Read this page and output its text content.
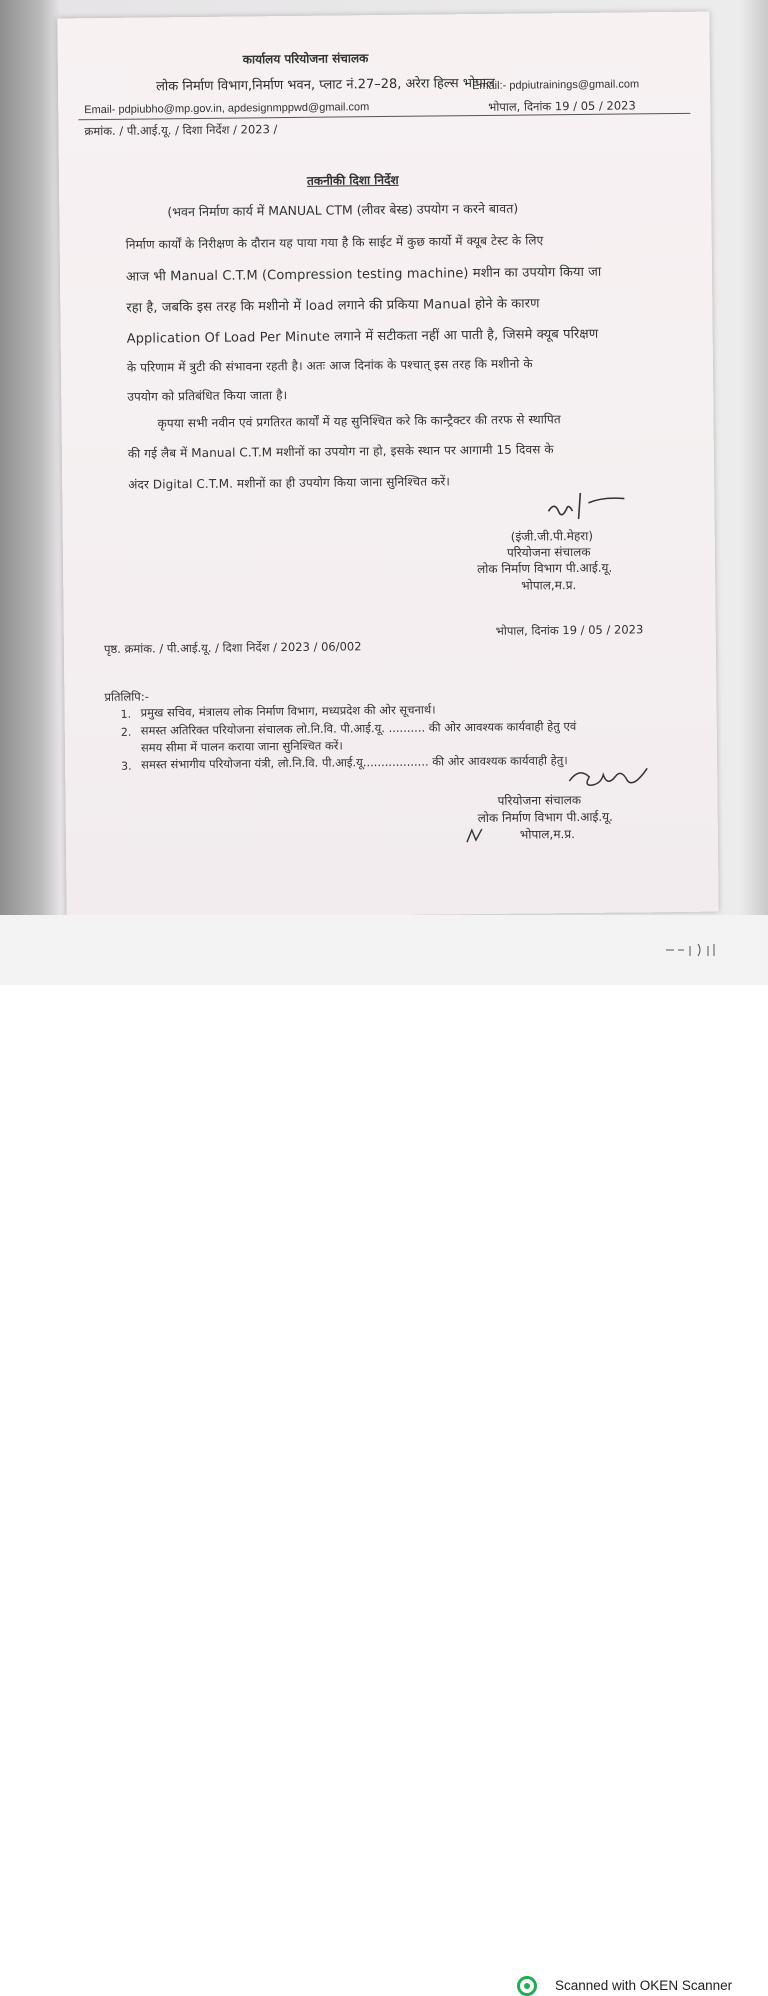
कार्यालय परियोजना संचालक
लोक निर्माण विभाग,निर्माण भवन, प्लाट नं.27–28, अरेरा हिल्स भोपाल
Email- pdpiubho@mp.gov.in, apdesignmppwd@gmail.com
Email:- pdpiutrainings@gmail.com
क्रमांक. / पी.आई.यू. / दिशा निर्देश / 2023 /
भोपाल, दिनांक 19 / 05 / 2023
तकनीकी दिशा निर्देश
(भवन निर्माण कार्य में MANUAL CTM (लीवर बेस्ड) उपयोग न करने बावत)
निर्माण कार्यों के निरीक्षण के दौरान यह पाया गया है कि साईट में कुछ कार्यो में क्यूब टेस्ट के लिए
आज भी Manual C.T.M (Compression testing machine) मशीन का उपयोग किया जा
रहा है, जबकि इस तरह कि मशीनो में load लगाने की प्रकिया Manual होने के कारण
Application Of Load Per Minute लगाने में सटीकता नहीं आ पाती है, जिसमे क्यूब परिक्षण
के परिणाम में त्रुटी की संभावना रहती है। अतः आज दिनांक के पश्चात् इस तरह कि मशीनो के
उपयोग को प्रतिबंधित किया जाता है।
कृपया सभी नवीन एवं प्रगतिरत कार्यों में यह सुनिश्चित करे कि कान्ट्रैक्टर की तरफ से स्थापित
की गई लैब में Manual C.T.M मशीनों का उपयोग ना हो, इसके स्थान पर आगामी 15 दिवस के
अंदर Digital C.T.M. मशीनों का ही उपयोग किया जाना सुनिश्चित करें।
(इंजी.जी.पी.मेहरा)
परियोजना संचालक
लोक निर्माण विभाग पी.आई.यू.
भोपाल,म.प्र.
पृष्ठ. क्रमांक. / पी.आई.यू. / दिशा निर्देश / 2023 / 06/002
भोपाल, दिनांक 19 / 05 / 2023
प्रतिलिपि:-
1. प्रमुख सचिव, मंत्रालय लोक निर्माण विभाग, मध्यप्रदेश की ओर सूचनार्थ।
2. समस्त अतिरिक्त परियोजना संचालक लो.नि.वि. पी.आई.यू. .......... की ओर आवश्यक कार्यवाही हेतु एवं
समय सीमा में पालन कराया जाना सुनिश्चित करें।
3. समस्त संभागीय परियोजना यंत्री, लो.नि.वि. पी.आई.यू.................. की ओर आवश्यक कार्यवाही हेतु।
परियोजना संचालक
लोक निर्माण विभाग पी.आई.यू.
भोपाल,म.प्र.
Scanned with OKEN Scanner
